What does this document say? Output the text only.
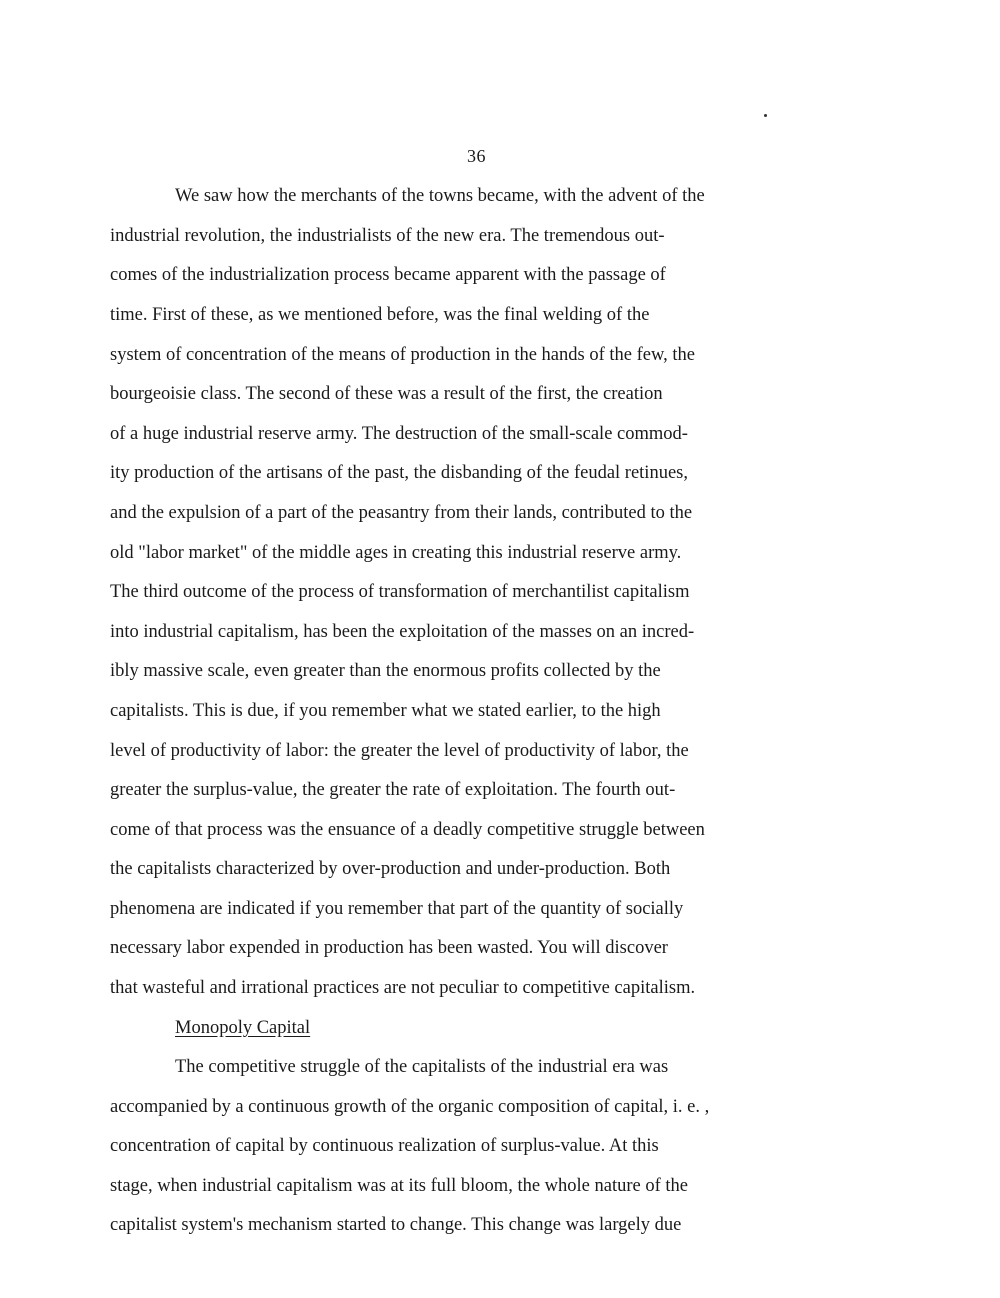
36
We saw how the merchants of the towns became, with the advent of the
industrial revolution, the industrialists of the new era. The tremendous out-
comes of the industrialization process became apparent with the passage of
time. First of these, as we mentioned before, was the final welding of the
system of concentration of the means of production in the hands of the few, the
bourgeoisie class. The second of these was a result of the first, the creation
of a huge industrial reserve army. The destruction of the small-scale commod-
ity production of the artisans of the past, the disbanding of the feudal retinues,
and the expulsion of a part of the peasantry from their lands, contributed to the
old "labor market" of the middle ages in creating this industrial reserve army.
The third outcome of the process of transformation of merchantilist capitalism
into industrial capitalism, has been the exploitation of the masses on an incred-
ibly massive scale, even greater than the enormous profits collected by the
capitalists. This is due, if you remember what we stated earlier, to the high
level of productivity of labor: the greater the level of productivity of labor, the
greater the surplus-value, the greater the rate of exploitation. The fourth out-
come of that process was the ensuance of a deadly competitive struggle between
the capitalists characterized by over-production and under-production. Both
phenomena are indicated if you remember that part of the quantity of socially
necessary labor expended in production has been wasted. You will discover
that wasteful and irrational practices are not peculiar to competitive capitalism.
Monopoly Capital
The competitive struggle of the capitalists of the industrial era was
accompanied by a continuous growth of the organic composition of capital, i. e. ,
concentration of capital by continuous realization of surplus-value. At this
stage, when industrial capitalism was at its full bloom, the whole nature of the
capitalist system's mechanism started to change. This change was largely due
